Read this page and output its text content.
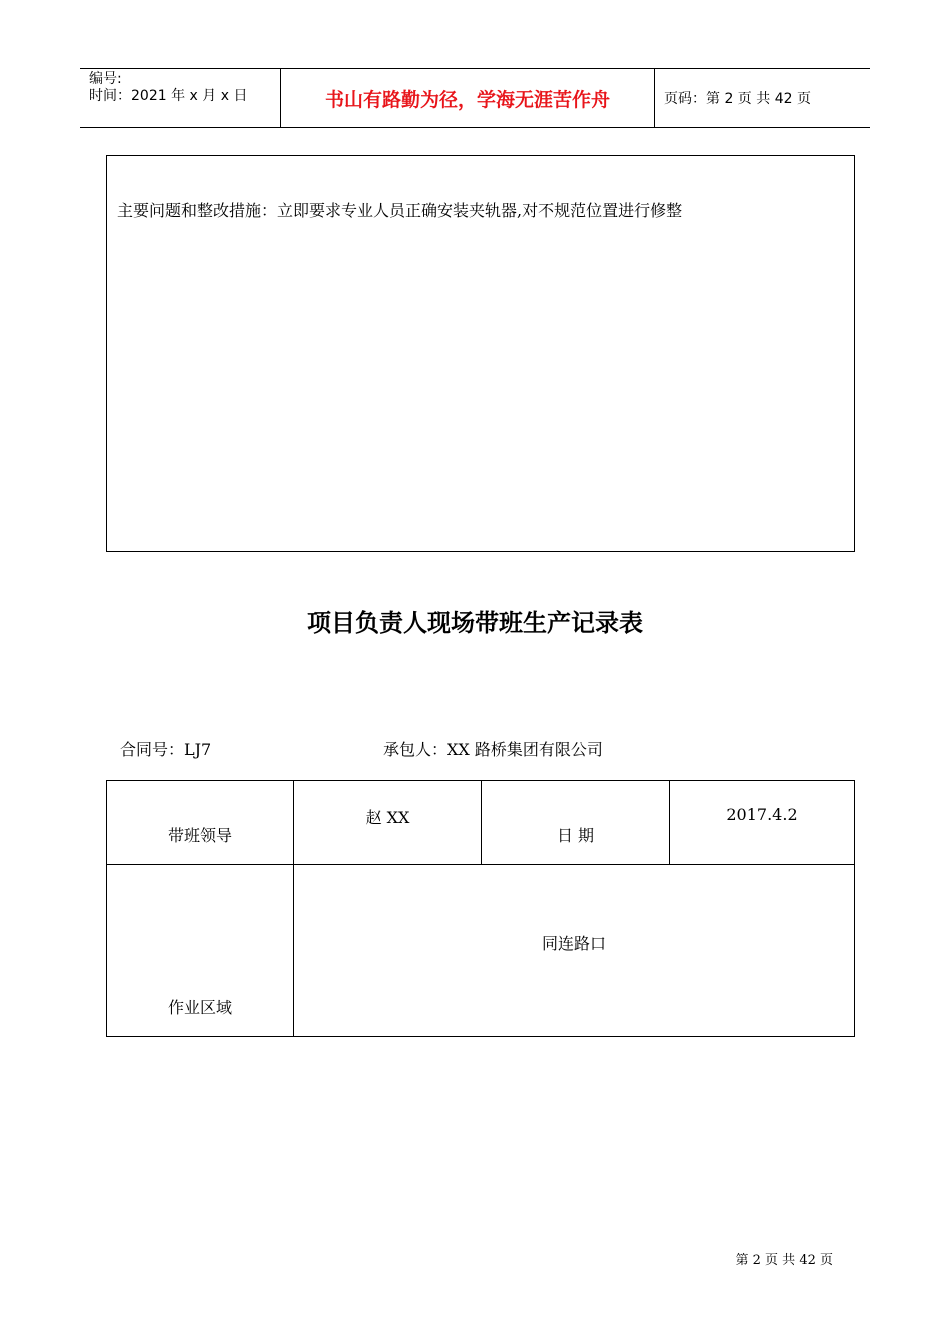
编号:
时间：2021 年 x 月 x 日	书山有路勤为径，学海无涯苦作舟	页码：第 2 页 共 42 页
主要问题和整改措施：立即要求专业人员正确安装夹轨器,对不规范位置进行修整
项目负责人现场带班生产记录表
合同号：LJ7	承包人：XX 路桥集团有限公司
带班领导	赵 XX	日 期	2017.4.2

作业区域	同连路口		
第 2 页 共 42 页
